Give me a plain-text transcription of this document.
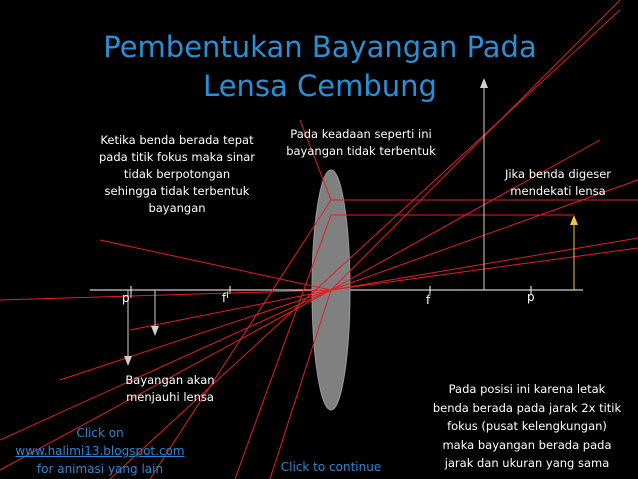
Pembentukan Bayangan Pada
Lensa Cembung
Ketika benda berada tepat
pada titik fokus maka sinar
tidak berpotongan
sehingga tidak terbentuk
bayangan
Pada keadaan seperti ini
bayangan tidak terbentuk
Jika benda digeser
mendekati lensa
Bayangan akan
menjauhi lensa
Pada posisi ini karena letak
benda berada pada jarak 2x titik
fokus (pusat kelengkungan)
maka bayangan berada pada
jarak dan ukuran yang sama
$p^I$	$f^I$	f	p
Click on
www.halimi13.blogspot.com
for animasi yang lain	Click to continue
